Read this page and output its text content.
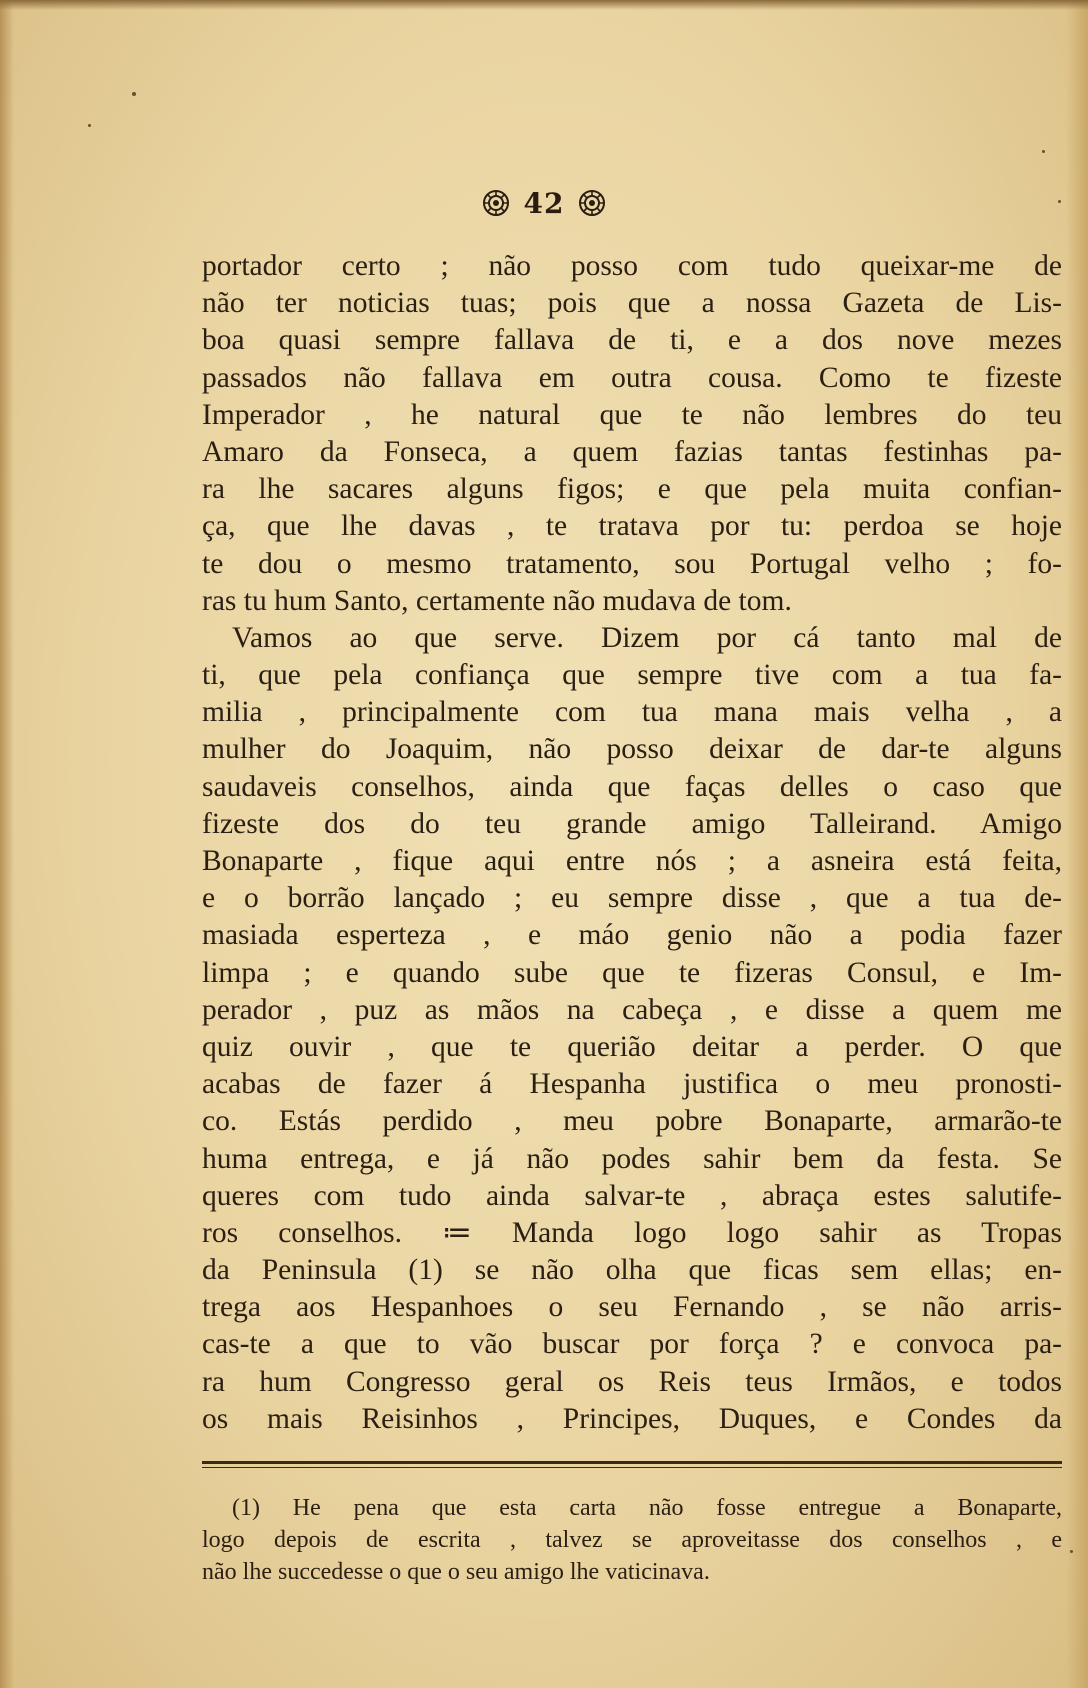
42
portador certo ; não posso com tudo queixar-me de
não ter noticias tuas; pois que a nossa Gazeta de Lis-
boa quasi sempre fallava de ti, e a dos nove mezes
passados não fallava em outra cousa. Como te fizeste
Imperador , he natural que te não lembres do teu
Amaro da Fonseca, a quem fazias tantas festinhas pa-
ra lhe sacares alguns figos; e que pela muita confian-
ça, que lhe davas , te tratava por tu: perdoa se hoje
te dou o mesmo tratamento, sou Portugal velho ; fo-
ras tu hum Santo, certamente não mudava de tom.
Vamos ao que serve. Dizem por cá tanto mal de
ti, que pela confiança que sempre tive com a tua fa-
milia , principalmente com tua mana mais velha , a
mulher do Joaquim, não posso deixar de dar-te alguns
saudaveis conselhos, ainda que faças delles o caso que
fizeste dos do teu grande amigo Talleirand. Amigo
Bonaparte , fique aqui entre nós ; a asneira está feita,
e o borrão lançado ; eu sempre disse , que a tua de-
masiada esperteza , e máo genio não a podia fazer
limpa ; e quando sube que te fizeras Consul, e Im-
perador , puz as mãos na cabeça , e disse a quem me
quiz ouvir , que te querião deitar a perder. O que
acabas de fazer á Hespanha justifica o meu pronosti-
co. Estás perdido , meu pobre Bonaparte, armarão-te
huma entrega, e já não podes sahir bem da festa. Se
queres com tudo ainda salvar-te , abraça estes salutife-
ros conselhos. ≔ Manda logo logo sahir as Tropas
da Peninsula (1) se não olha que ficas sem ellas; en-
trega aos Hespanhoes o seu Fernando , se não arris-
cas-te a que to vão buscar por força ? e convoca pa-
ra hum Congresso geral os Reis teus Irmãos, e todos
os mais Reisinhos , Principes, Duques, e Condes da
(1) He pena que esta carta não fosse entregue a Bonaparte,
logo depois de escrita , talvez se aproveitasse dos conselhos , e
não lhe succedesse o que o seu amigo lhe vaticinava.
